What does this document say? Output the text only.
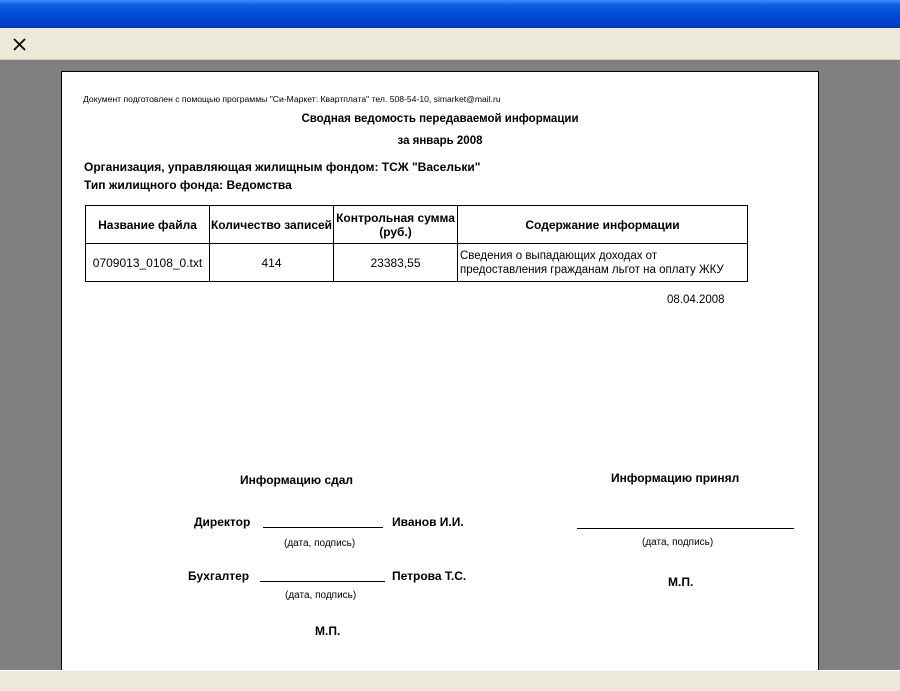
Документ подготовлен с помощью программы "Си-Маркет: Квартплата" тел. 508-54-10, simarket@mail.ru
Сводная ведомость передаваемой информации
за январь 2008
Организация, управляющая жилищным фондом: ТСЖ "Васельки"
Тип жилищного фонда: Ведомства
Название файла	Количество записей	Контрольная сумма (руб.)	Содержание информации
0709013_0108_0.txt	414	23383,55	Сведения о выпадающих доходах от предоставления гражданам льгот на оплату ЖКУ
08.04.2008
Информацию сдал	Информацию принял
Директор	Иванов И.И.
(дата, подпись)	(дата, подпись)
М.П.
Бухгалтер	Петрова Т.С.
(дата, подпись)
М.П.
